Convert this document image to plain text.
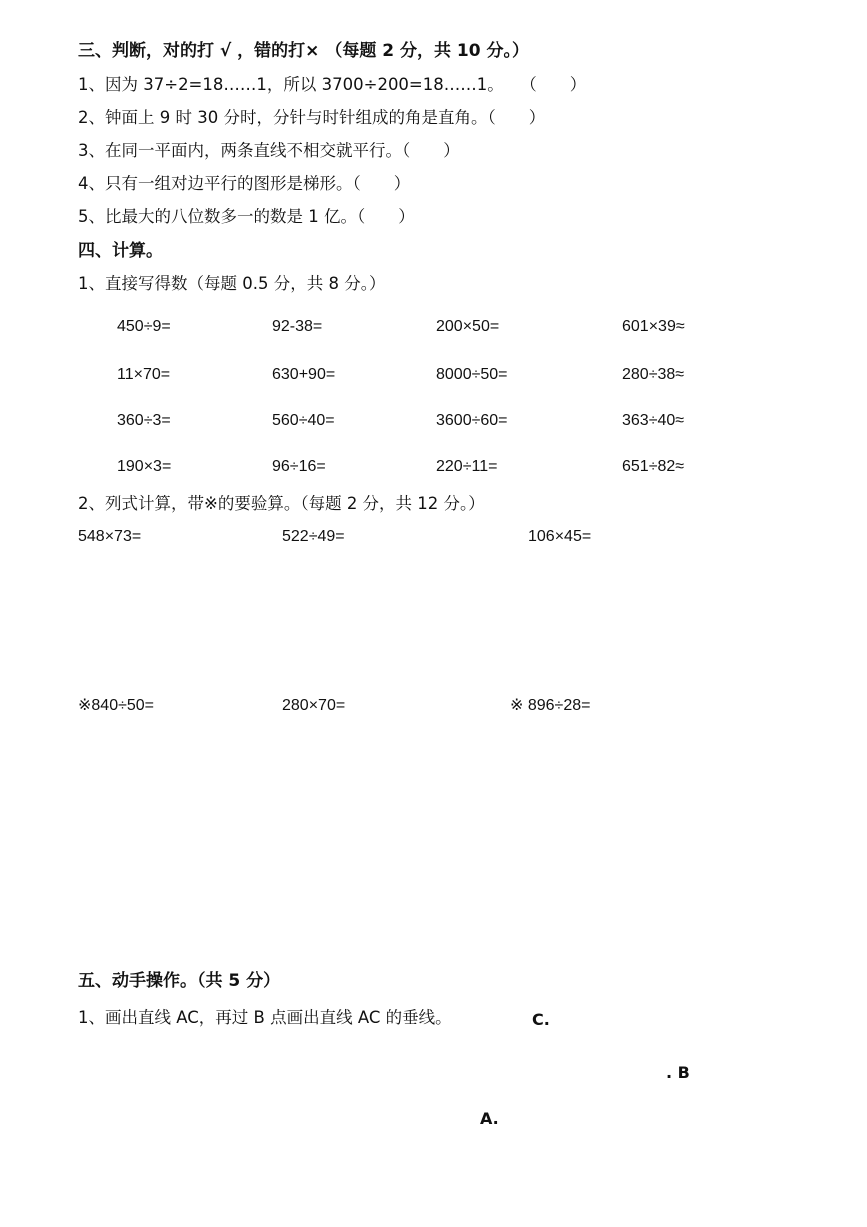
三、判断，对的打 √ ，错的打× （每题 2 分，共 10 分。）
1、因为 37÷2=18……1，所以 3700÷200=18……1。　　（　　）
2、钟面上 9 时 30 分时，分针与时针组成的角是直角。（　　）
3、在同一平面内，两条直线不相交就平行。（　　）
4、只有一组对边平行的图形是梯形。（　　）
5、比最大的八位数多一的数是 1 亿。（　　）
四、计算。
1、直接写得数（每题 0.5 分，共 8 分。）
450÷9=	92-38=	200×50=	601×39≈
11×70=	630+90=	8000÷50=	280÷38≈
360÷3=	560÷40=	3600÷60=	363÷40≈
190×3=	96÷16=	220÷11=	651÷82≈
2、列式计算，带※的要验算。（每题 2 分，共 12 分。）
548×73=	522÷49=	106×45=
※840÷50=	280×70=	※ 896÷28=
五、动手操作。（共 5 分）
1、画出直线 AC，再过 B 点画出直线 AC 的垂线。	C.
. B
A.
